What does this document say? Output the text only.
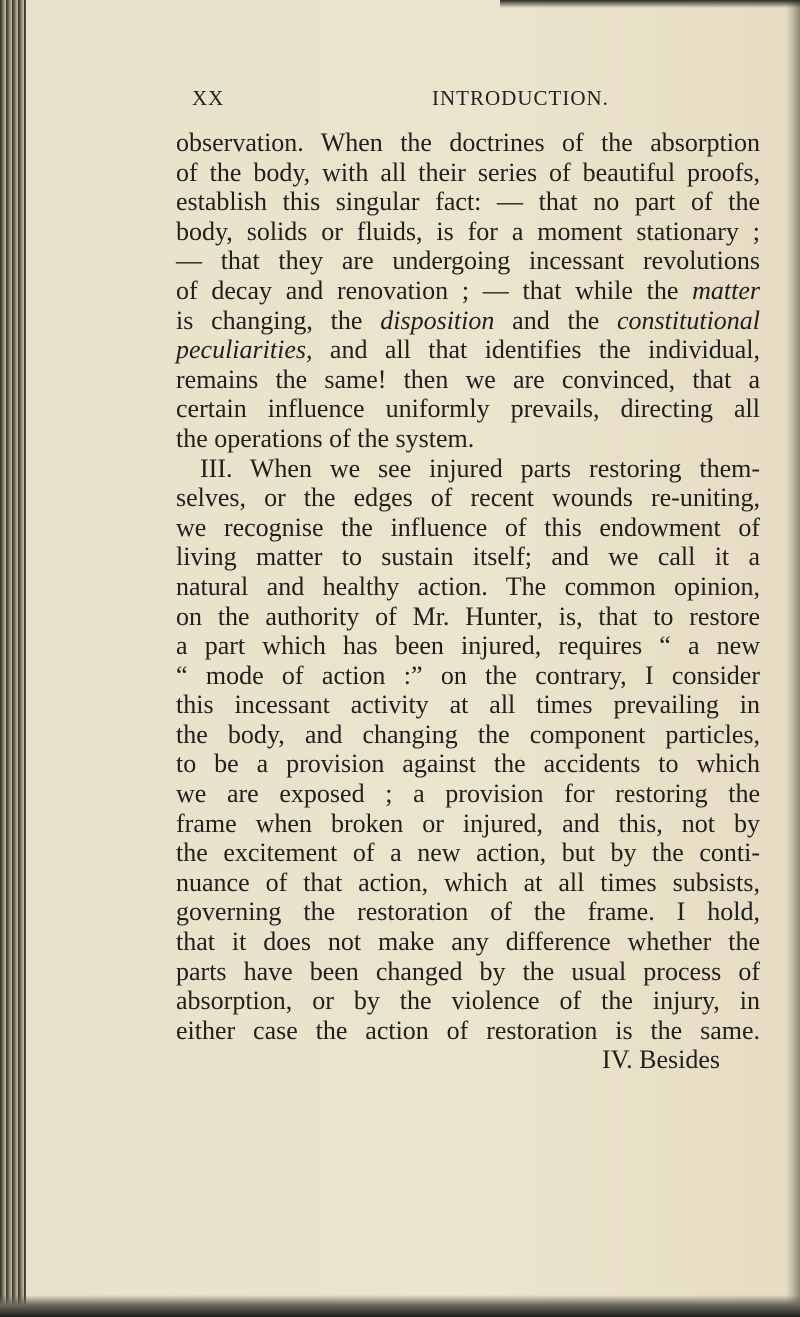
XX	INTRODUCTION.
observation. When the doctrines of the absorption
of the body, with all their series of beautiful proofs,
establish this singular fact: — that no part of the
body, solids or fluids, is for a moment stationary ;
— that they are undergoing incessant revolutions
of decay and renovation ; — that while the matter
is changing, the disposition and the constitutional
peculiarities, and all that identifies the individual,
remains the same! then we are convinced, that a
certain influence uniformly prevails, directing all
the operations of the system.
III. When we see injured parts restoring them-
selves, or the edges of recent wounds re-uniting,
we recognise the influence of this endowment of
living matter to sustain itself; and we call it a
natural and healthy action. The common opinion,
on the authority of Mr. Hunter, is, that to restore
a part which has been injured, requires “ a new
“ mode of action :” on the contrary, I consider
this incessant activity at all times prevailing in
the body, and changing the component particles,
to be a provision against the accidents to which
we are exposed ; a provision for restoring the
frame when broken or injured, and this, not by
the excitement of a new action, but by the conti-
nuance of that action, which at all times subsists,
governing the restoration of the frame. I hold,
that it does not make any difference whether the
parts have been changed by the usual process of
absorption, or by the violence of the injury, in
either case the action of restoration is the same.
IV. Besides
